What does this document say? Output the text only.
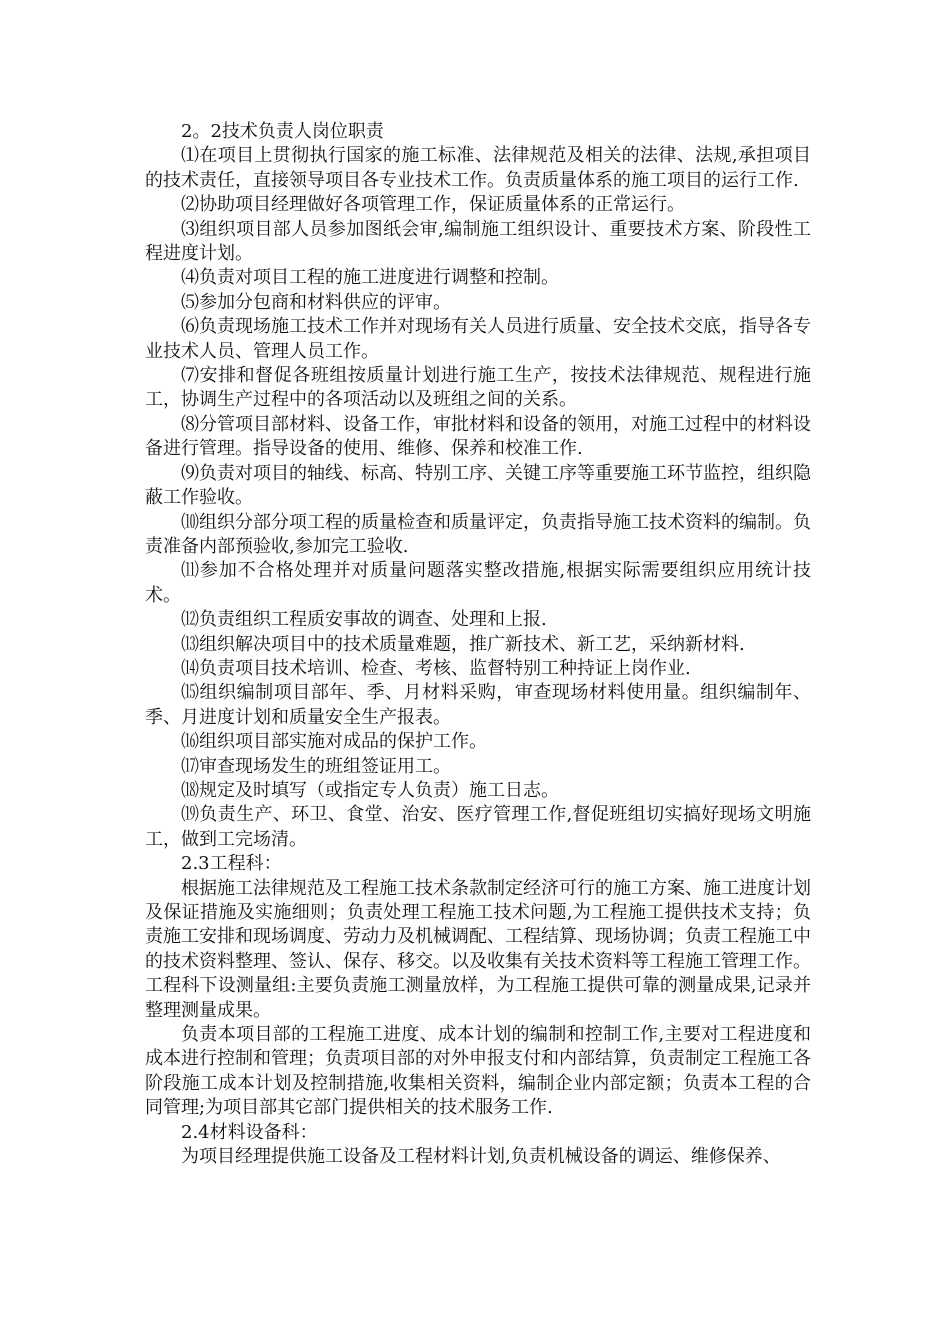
2。2技术负责人岗位职责

⑴在项目上贯彻执行国家的施工标准、法律规范及相关的法律、法规,承担项目的技术责任，直接领导项目各专业技术工作。负责质量体系的施工项目的运行工作.

⑵协助项目经理做好各项管理工作，保证质量体系的正常运行。

⑶组织项目部人员参加图纸会审,编制施工组织设计、重要技术方案、阶段性工程进度计划。

⑷负责对项目工程的施工进度进行调整和控制。

⑸参加分包商和材料供应的评审。

⑹负责现场施工技术工作并对现场有关人员进行质量、安全技术交底，指导各专业技术人员、管理人员工作。

⑺安排和督促各班组按质量计划进行施工生产，按技术法律规范、规程进行施工，协调生产过程中的各项活动以及班组之间的关系。

⑻分管项目部材料、设备工作，审批材料和设备的领用，对施工过程中的材料设备进行管理。指导设备的使用、维修、保养和校准工作.

⑼负责对项目的轴线、标高、特别工序、关键工序等重要施工环节监控，组织隐蔽工作验收。

⑽组织分部分项工程的质量检查和质量评定，负责指导施工技术资料的编制。负责准备内部预验收,参加完工验收.

⑾参加不合格处理并对质量问题落实整改措施,根据实际需要组织应用统计技术。

⑿负责组织工程质安事故的调查、处理和上报.

⒀组织解决项目中的技术质量难题，推广新技术、新工艺，采纳新材料.

⒁负责项目技术培训、检查、考核、监督特别工种持证上岗作业.

⒂组织编制项目部年、季、月材料采购，审查现场材料使用量。组织编制年、季、月进度计划和质量安全生产报表。

⒃组织项目部实施对成品的保护工作。

⒄审查现场发生的班组签证用工。

⒅规定及时填写（或指定专人负责）施工日志。

⒆负责生产、环卫、食堂、治安、医疗管理工作,督促班组切实搞好现场文明施工，做到工完场清。

2.3工程科：

根据施工法律规范及工程施工技术条款制定经济可行的施工方案、施工进度计划及保证措施及实施细则；负责处理工程施工技术问题,为工程施工提供技术支持；负责施工安排和现场调度、劳动力及机械调配、工程结算、现场协调；负责工程施工中的技术资料整理、签认、保存、移交。以及收集有关技术资料等工程施工管理工作。工程科下设测量组:主要负责施工测量放样，为工程施工提供可靠的测量成果,记录并整理测量成果。

负责本项目部的工程施工进度、成本计划的编制和控制工作,主要对工程进度和成本进行控制和管理；负责项目部的对外申报支付和内部结算，负责制定工程施工各阶段施工成本计划及控制措施,收集相关资料，编制企业内部定额；负责本工程的合同管理;为项目部其它部门提供相关的技术服务工作.

2.4材料设备科：

为项目经理提供施工设备及工程材料计划,负责机械设备的调运、维修保养、
